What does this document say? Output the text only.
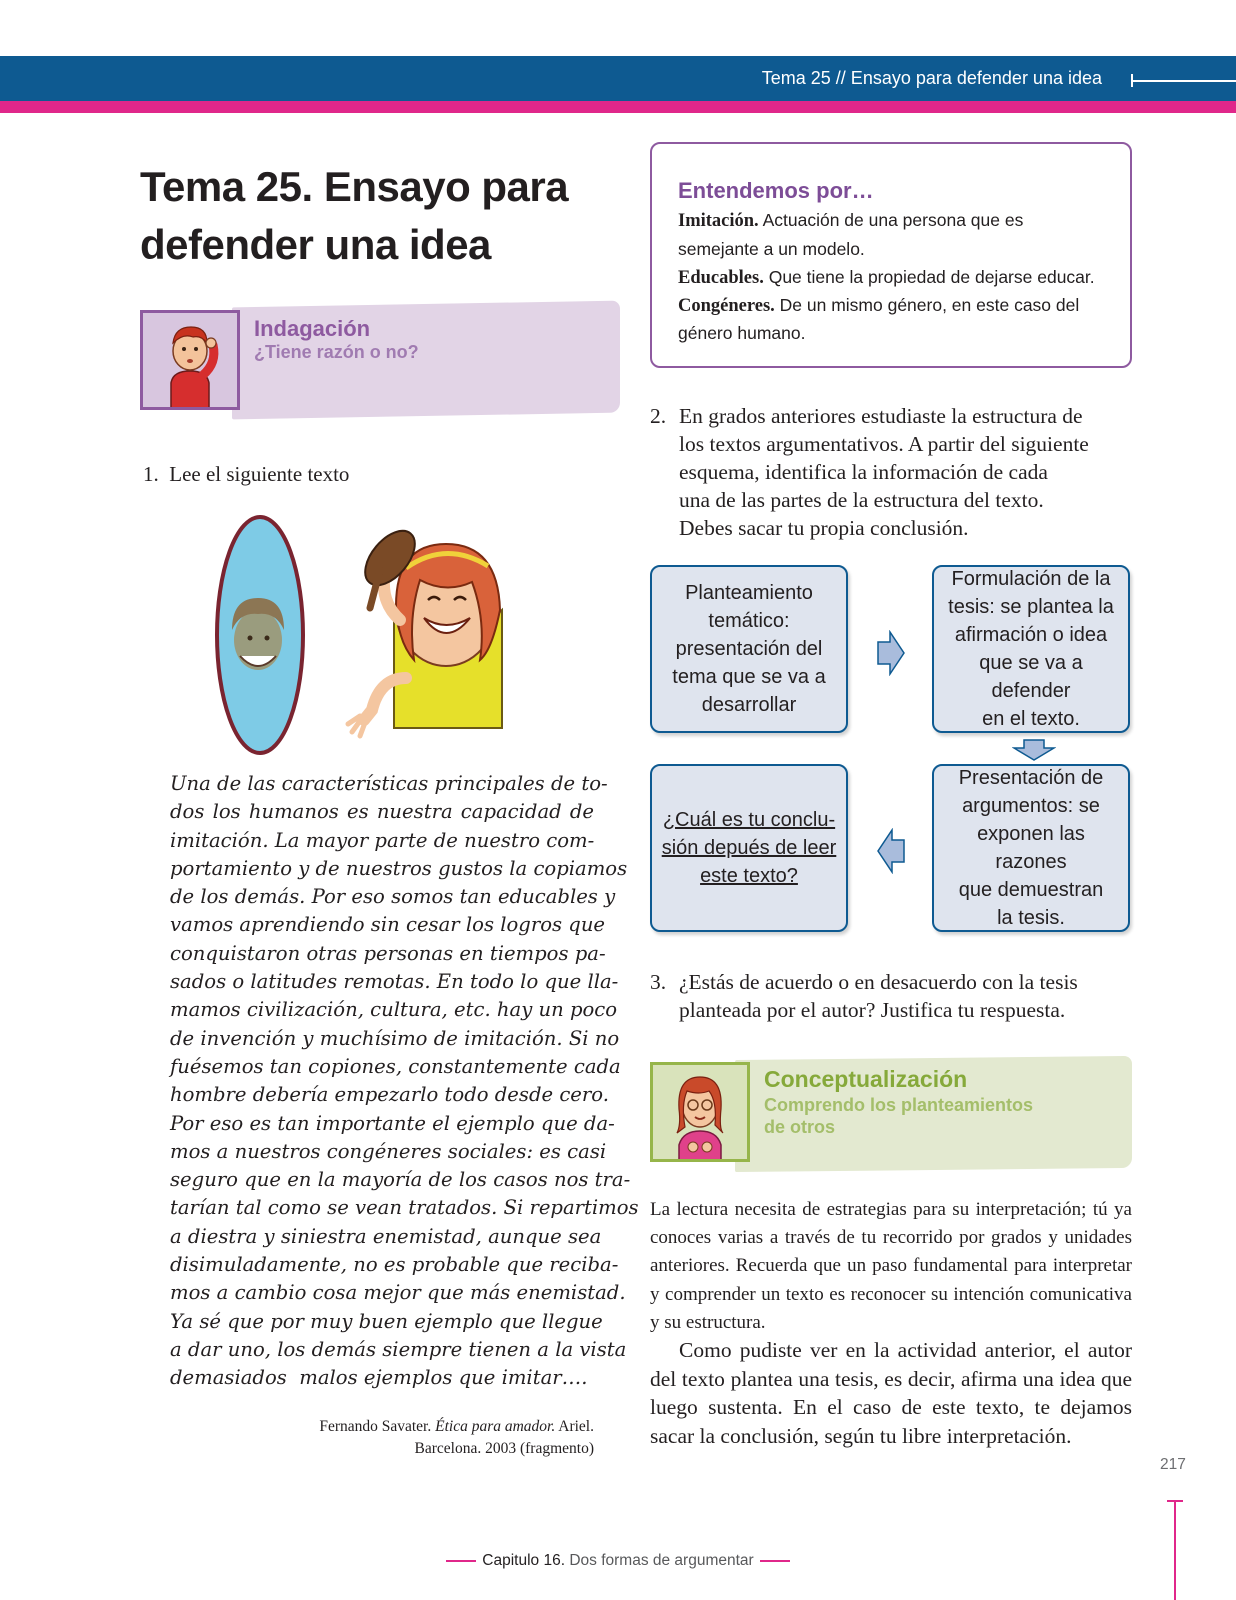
Tema 25 // Ensayo para defender una idea
Tema 25. Ensayo para
defender una idea
Indagación
¿Tiene razón o no?
1. Lee el siguiente texto
Una de las características principales de to-
dos los humanos es nuestra capacidad de
imitación. La mayor parte de nuestro com-
portamiento y de nuestros gustos la copiamos
de los demás. Por eso somos tan educables y
vamos aprendiendo sin cesar los logros que
conquistaron otras personas en tiempos pa-
sados o latitudes remotas. En todo lo que lla-
mamos civilización, cultura, etc. hay un poco
de invención y muchísimo de imitación. Si no
fuésemos tan copiones, constantemente cada
hombre debería empezarlo todo desde cero.
Por eso es tan importante el ejemplo que da-
mos a nuestros congéneres sociales: es casi
seguro que en la mayoría de los casos nos tra-
tarían tal como se vean tratados. Si repartimos
a diestra y siniestra enemistad, aunque sea
disimuladamente, no es probable que reciba-
mos a cambio cosa mejor que más enemistad.
Ya sé que por muy buen ejemplo que llegue
a dar uno, los demás siempre tienen a la vista
demasiados  malos ejemplos que imitar….
Fernando Savater. Ética para amador. Ariel.
Barcelona. 2003 (fragmento)
Entendemos por…
Imitación. Actuación de una persona que es
semejante a un modelo.
Educables. Que tiene la propiedad de dejarse educar.
Congéneres. De un mismo género, en este caso del
género humano.
2. En grados anteriores estudiaste la estructura de
los textos argumentativos. A partir del siguiente
esquema, identifica la información de cada
una de las partes de la estructura del texto.
Debes sacar tu propia conclusión.
Planteamiento
temático:
presentación del
tema que se va a
desarrollar
Formulación de la
tesis: se plantea la
afirmación o idea
que se va a defender
en el texto.
¿Cuál es tu conclu-
sión depués de leer
este texto?
Presentación de
argumentos: se
exponen las razones
que demuestran
la tesis.
3. ¿Estás de acuerdo o en desacuerdo con la tesis
planteada por el autor? Justifica tu respuesta.
Conceptualización
Comprendo los planteamientos
de otros
La lectura necesita de estrategias para su interpretación; tú ya conoces varias a través de tu recorrido por grados y unidades anteriores. Recuerda que un paso fundamental para interpretar y comprender un texto es reconocer su intención comunicativa y su estructura.
Como pudiste ver en la actividad anterior, el autor del texto plantea una tesis, es decir, afirma una idea que luego sustenta. En el caso de este texto, te dejamos sacar la conclusión, según tu libre interpretación.
217
Capitulo 16. Dos formas de argumentar
